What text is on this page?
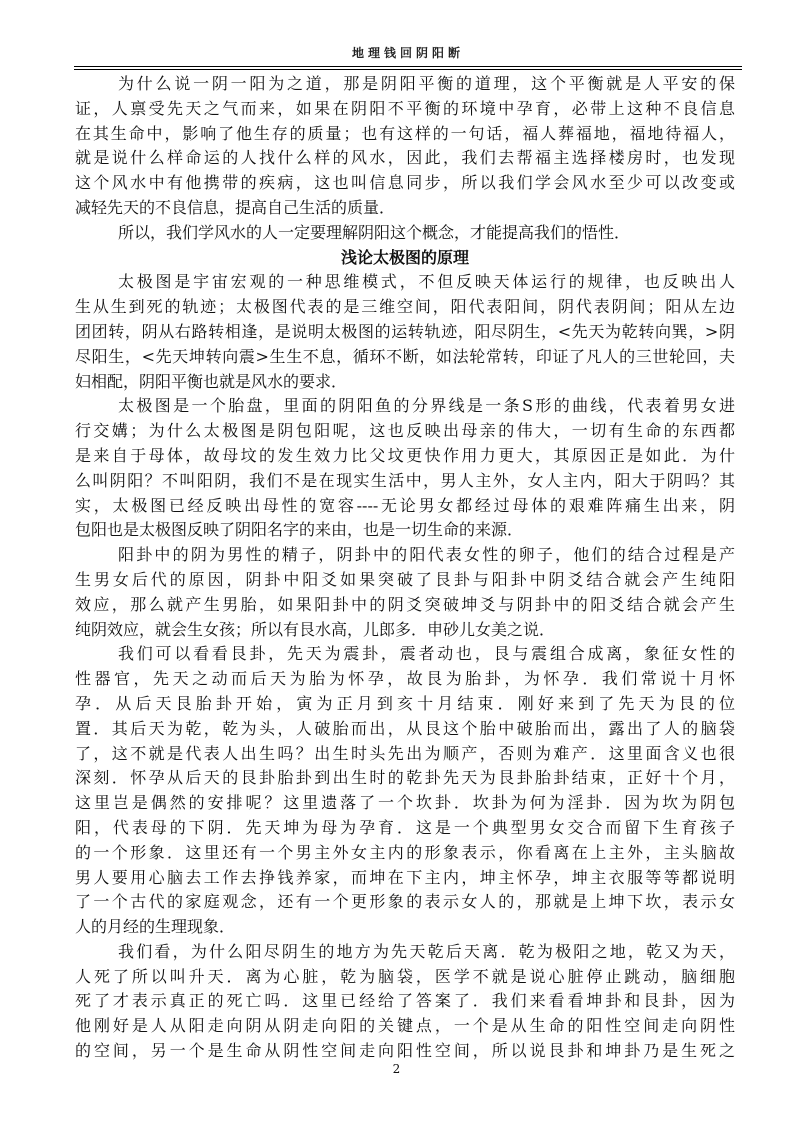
地理钱回阴阳断
为什么说一阴一阳为之道，那是阴阳平衡的道理，这个平衡就是人平安的保
证，人禀受先天之气而来，如果在阴阳不平衡的环境中孕育，必带上这种不良信息
在其生命中，影响了他生存的质量；也有这样的一句话，福人葬福地，福地待福人，
就是说什么样命运的人找什么样的风水，因此，我们去帮福主选择楼房时，也发现
这个风水中有他携带的疾病，这也叫信息同步，所以我们学会风水至少可以改变或
减轻先天的不良信息，提高自己生活的质量．
所以，我们学风水的人一定要理解阴阳这个概念，才能提高我们的悟性．
浅论太极图的原理
太极图是宇宙宏观的一种思维模式，不但反映天体运行的规律，也反映出人
生从生到死的轨迹；太极图代表的是三维空间，阳代表阳间，阴代表阴间；阳从左边
团团转，阴从右路转相逢，是说明太极图的运转轨迹，阳尽阴生，<先天为乾转向巽，>阴
尽阳生，<先天坤转向震>生生不息，循环不断，如法轮常转，印证了凡人的三世轮回，夫
妇相配，阴阳平衡也就是风水的要求．
太极图是一个胎盘，里面的阴阳鱼的分界线是一条S形的曲线，代表着男女进
行交媾；为什么太极图是阴包阳呢，这也反映出母亲的伟大，一切有生命的东西都
是来自于母体，故母坟的发生效力比父坟更快作用力更大，其原因正是如此．为什
么叫阴阳？不叫阳阴，我们不是在现实生活中，男人主外，女人主内，阳大于阴吗？其
实，太极图已经反映出母性的宽容----无论男女都经过母体的艰难阵痛生出来，阴
包阳也是太极图反映了阴阳名字的来由，也是一切生命的来源．
阳卦中的阴为男性的精子，阴卦中的阳代表女性的卵子，他们的结合过程是产
生男女后代的原因，阴卦中阳爻如果突破了艮卦与阳卦中阴爻结合就会产生纯阳
效应，那么就产生男胎，如果阳卦中的阴爻突破坤爻与阴卦中的阳爻结合就会产生
纯阴效应，就会生女孩；所以有艮水高，儿郎多．申砂儿女美之说．
我们可以看看艮卦，先天为震卦，震者动也，艮与震组合成离，象征女性的
性器官，先天之动而后天为胎为怀孕，故艮为胎卦，为怀孕．我们常说十月怀
孕．从后天艮胎卦开始，寅为正月到亥十月结束．刚好来到了先天为艮的位
置．其后天为乾，乾为头，人破胎而出，从艮这个胎中破胎而出，露出了人的脑袋
了，这不就是代表人出生吗？出生时头先出为顺产，否则为难产．这里面含义也很
深刻．怀孕从后天的艮卦胎卦到出生时的乾卦先天为艮卦胎卦结束，正好十个月，
这里岂是偶然的安排呢？这里遗落了一个坎卦．坎卦为何为淫卦．因为坎为阴包
阳，代表母的下阴．先天坤为母为孕育．这是一个典型男女交合而留下生育孩子
的一个形象．这里还有一个男主外女主内的形象表示，你看离在上主外，主头脑故
男人要用心脑去工作去挣钱养家，而坤在下主内，坤主怀孕，坤主衣服等等都说明
了一个古代的家庭观念，还有一个更形象的表示女人的，那就是上坤下坎，表示女
人的月经的生理现象．
我们看，为什么阳尽阴生的地方为先天乾后天离．乾为极阳之地，乾又为天，
人死了所以叫升天．离为心脏，乾为脑袋，医学不就是说心脏停止跳动，脑细胞
死了才表示真正的死亡吗．这里已经给了答案了．我们来看看坤卦和艮卦，因为
他刚好是人从阳走向阴从阴走向阳的关键点，一个是从生命的阳性空间走向阴性
的空间，另一个是生命从阴性空间走向阳性空间，所以说艮卦和坤卦乃是生死之
2
